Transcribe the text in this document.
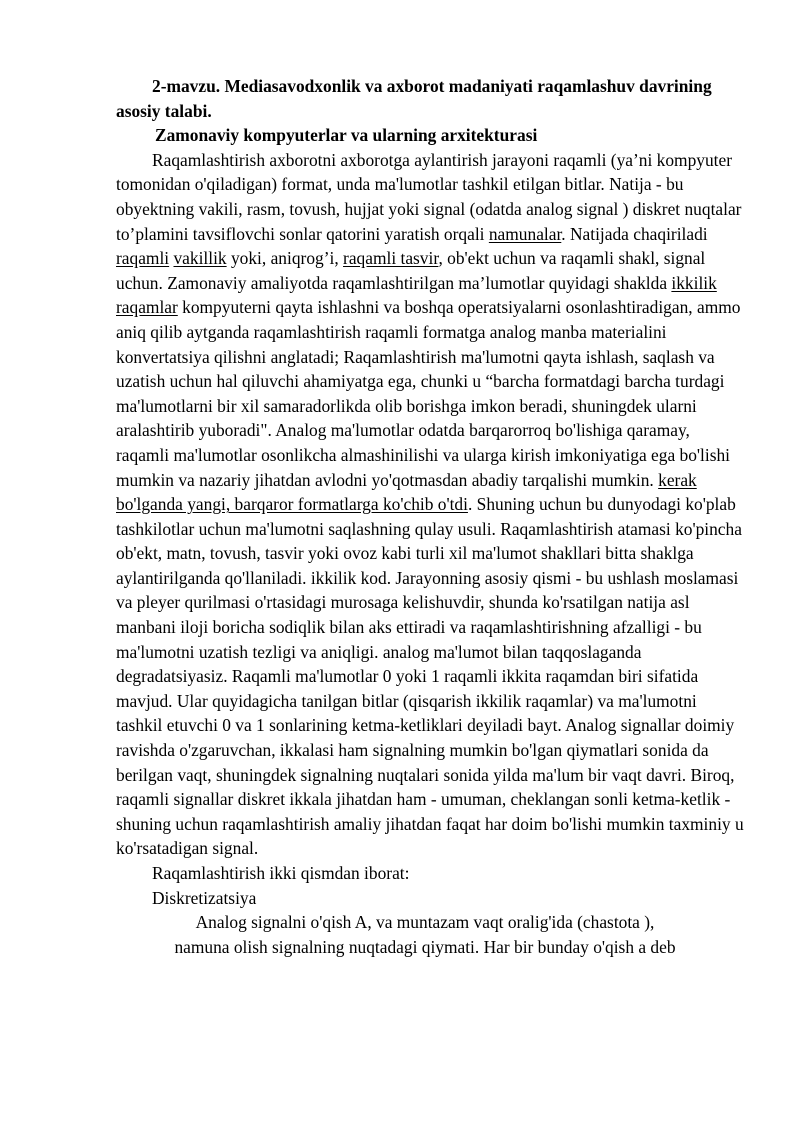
2-mavzu. Mediasavodxonlik va axborot madaniyati raqamlashuv davrining asosiy talabi.

Zamonaviy kompyuterlar va ularning arxitekturasi

Raqamlashtirish axborotni axborotga aylantirish jarayoni raqamli (ya’ni kompyuter tomonidan o'qiladigan) format, unda ma'lumotlar tashkil etilgan bitlar. Natija - bu obyektning vakili, rasm, tovush, hujjat yoki signal (odatda analog signal ) diskret nuqtalar to’plamini tavsiflovchi sonlar qatorini yaratish orqali namunalar. Natijada chaqiriladi raqamli vakillik yoki, aniqrog’i, raqamli tasvir, ob'ekt uchun va raqamli shakl, signal uchun. Zamonaviy amaliyotda raqamlashtirilgan ma’lumotlar quyidagi shaklda ikkilik raqamlar kompyuterni qayta ishlashni va boshqa operatsiyalarni osonlashtiradigan, ammo aniq qilib aytganda raqamlashtirish raqamli formatga analog manba materialini konvertatsiya qilishni anglatadi; Raqamlashtirish ma'lumotni qayta ishlash, saqlash va uzatish uchun hal qiluvchi ahamiyatga ega, chunki u “barcha formatdagi barcha turdagi ma'lumotlarni bir xil samaradorlikda olib borishga imkon beradi, shuningdek ularni aralashtirib yuboradi". Analog ma'lumotlar odatda barqarorroq bo'lishiga qaramay, raqamli ma'lumotlar osonlikcha almashinilishi va ularga kirish imkoniyatiga ega bo'lishi mumkin va nazariy jihatdan avlodni yo'qotmasdan abadiy tarqalishi mumkin. kerak bo'lganda yangi, barqaror formatlarga ko'chib o'tdi. Shuning uchun bu dunyodagi ko'plab tashkilotlar uchun ma'lumotni saqlashning qulay usuli. Raqamlashtirish atamasi ko'pincha ob'ekt, matn, tovush, tasvir yoki ovoz kabi turli xil ma'lumot shakllari bitta shaklga aylantirilganda qo'llaniladi. ikkilik kod. Jarayonning asosiy qismi - bu ushlash moslamasi va pleyer qurilmasi o'rtasidagi murosaga kelishuvdir, shunda ko'rsatilgan natija asl manbani iloji boricha sodiqlik bilan aks ettiradi va raqamlashtirishning afzalligi - bu ma'lumotni uzatish tezligi va aniqligi. analog ma'lumot bilan taqqoslaganda degradatsiyasiz. Raqamli ma'lumotlar 0 yoki 1 raqamli ikkita raqamdan biri sifatida mavjud. Ular quyidagicha tanilgan bitlar (qisqarish ikkilik raqamlar) va ma'lumotni tashkil etuvchi 0 va 1 sonlarining ketma-ketliklari deyiladi bayt. Analog signallar doimiy ravishda o'zgaruvchan, ikkalasi ham signalning mumkin bo'lgan qiymatlari sonida da berilgan vaqt, shuningdek signalning nuqtalari sonida yilda ma'lum bir vaqt davri. Biroq, raqamli signallar diskret ikkala jihatdan ham - umuman, cheklangan sonli ketma-ketlik - shuning uchun raqamlashtirish amaliy jihatdan faqat har doim bo'lishi mumkin taxminiy u ko'rsatadigan signal.

Raqamlashtirish ikki qismdan iborat:

Diskretizatsiya

Analog signalni o'qish A, va muntazam vaqt oralig'ida (chastota ),

namuna olish signalning nuqtadagi qiymati. Har bir bunday o'qish a deb
